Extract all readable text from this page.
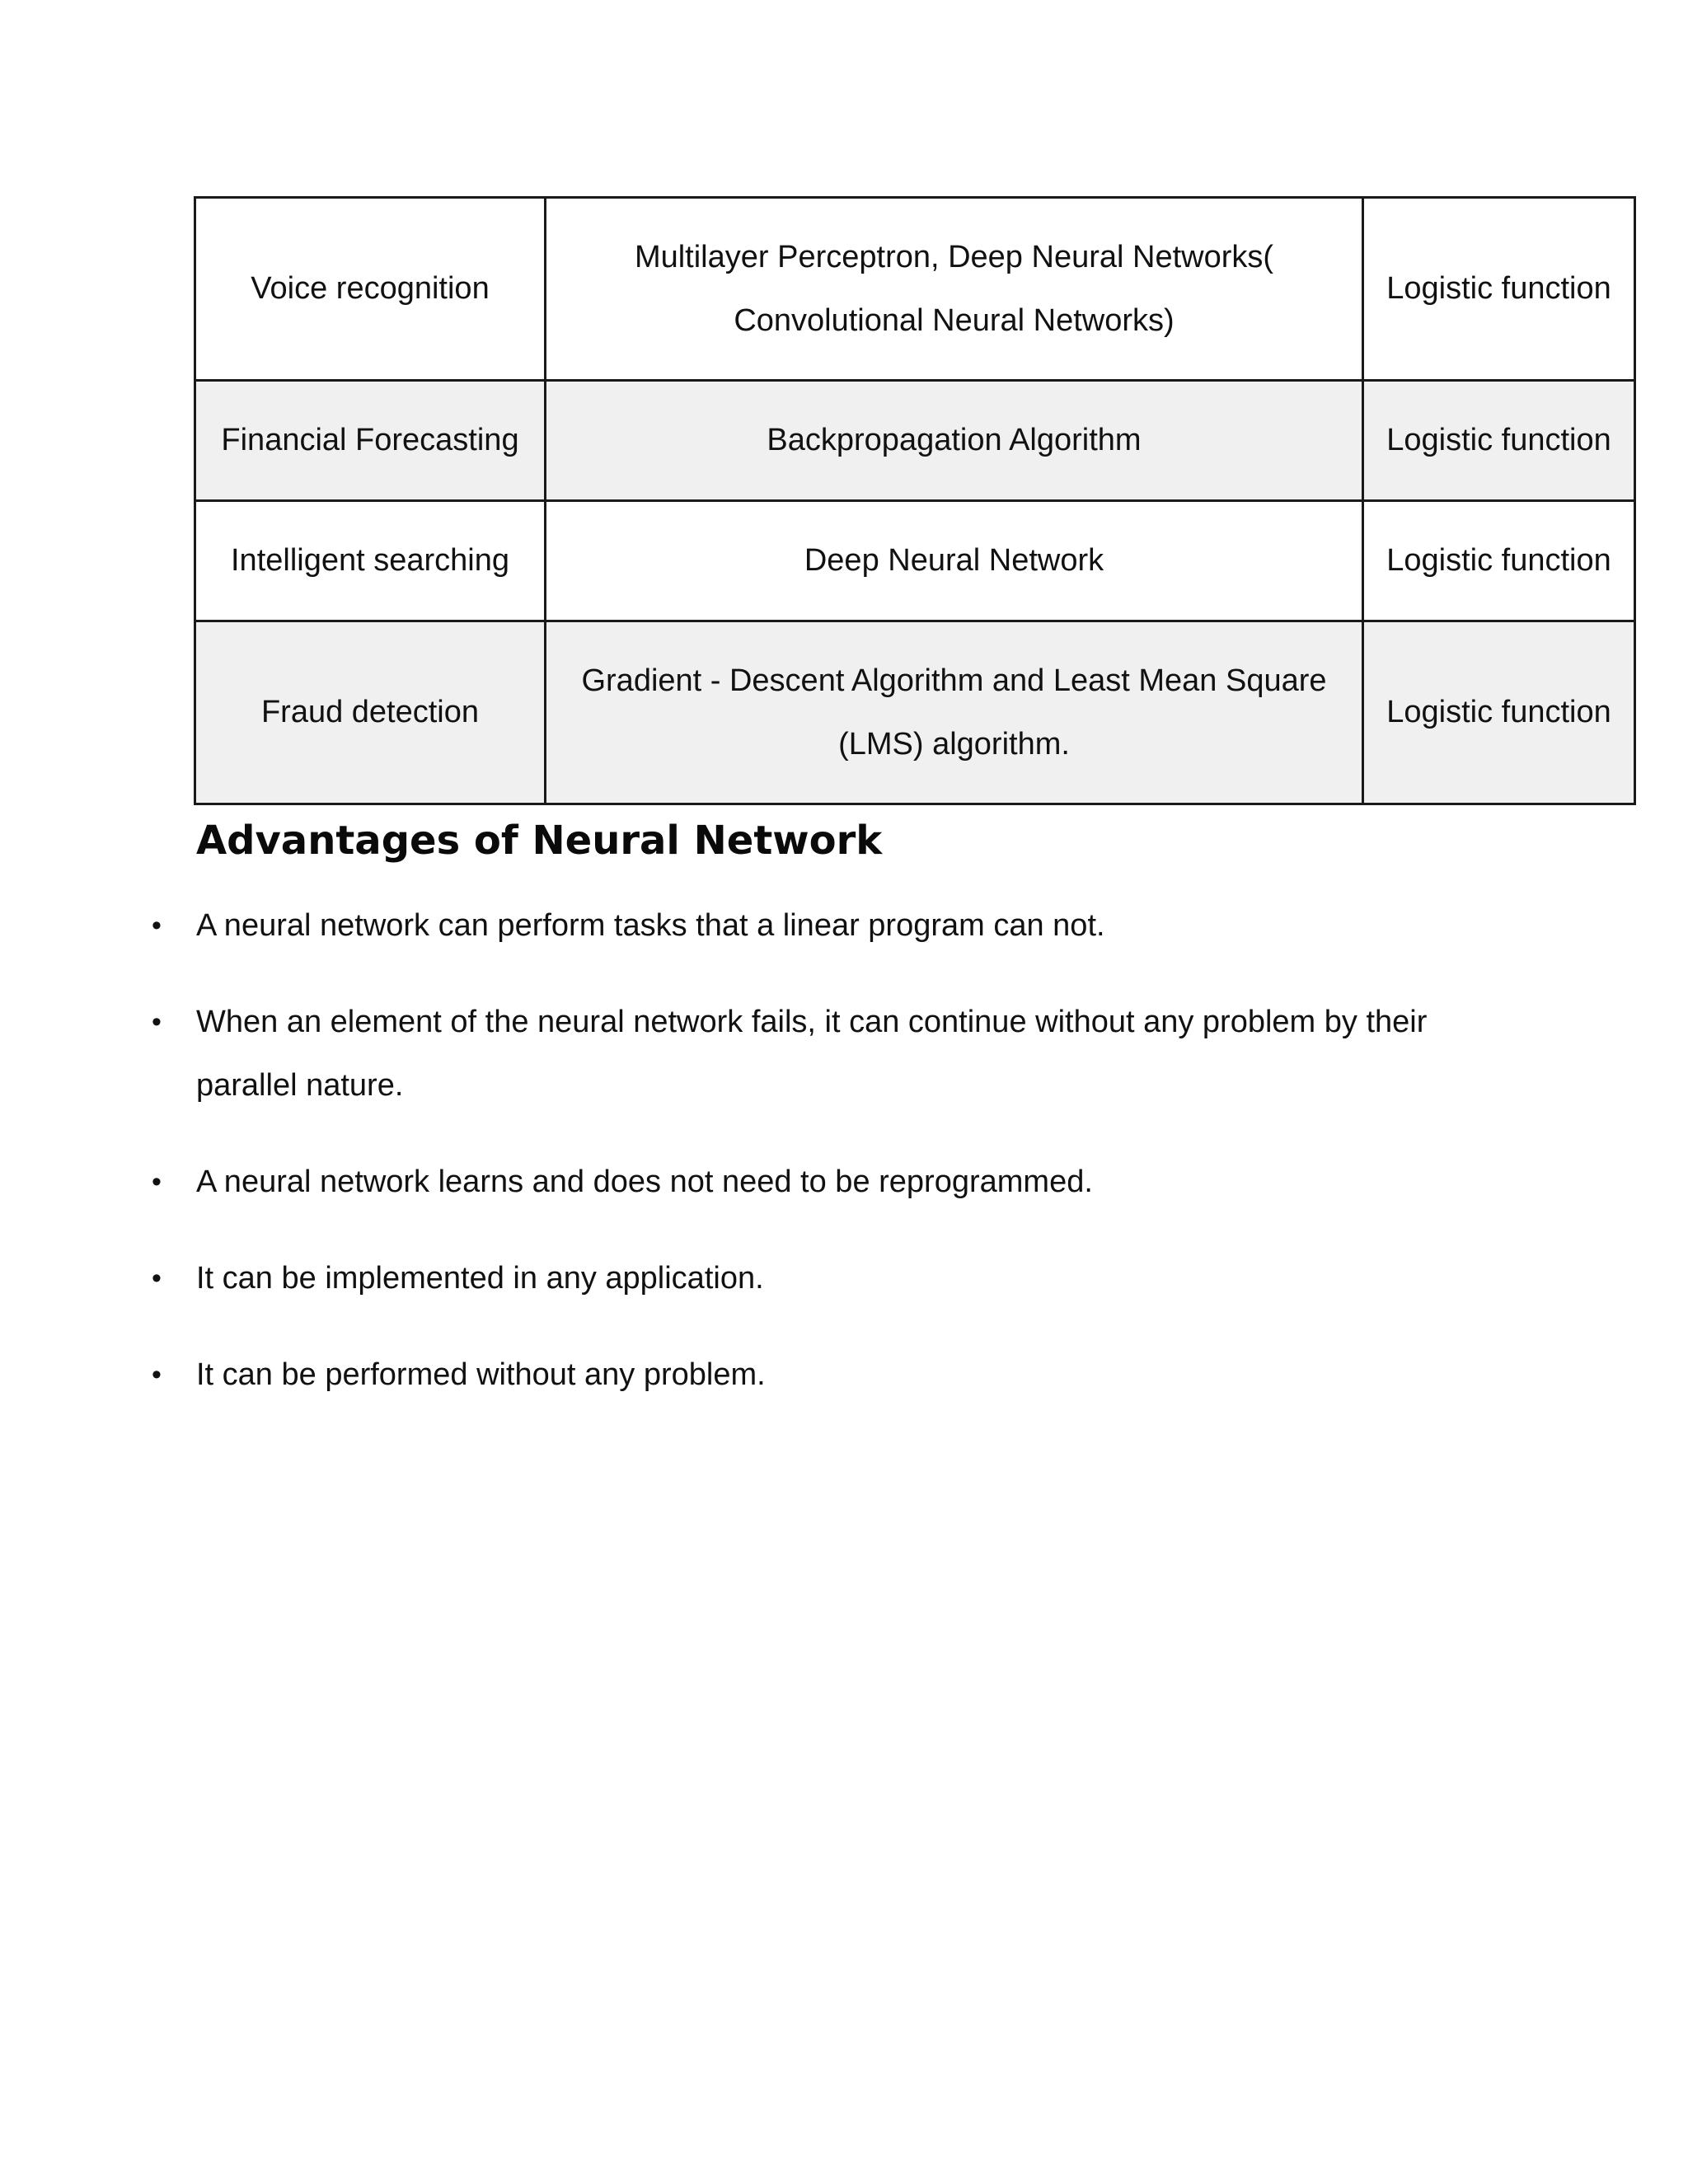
Voice recognition	Multilayer Perceptron, Deep Neural Networks( Convolutional Neural Networks)	Logistic function
Financial Forecasting	Backpropagation Algorithm	Logistic function
Intelligent searching	Deep Neural Network	Logistic function
Fraud detection	Gradient - Descent Algorithm and Least Mean Square (LMS) algorithm.	Logistic function
Advantages of Neural Network
• A neural network can perform tasks that a linear program can not.
• When an element of the neural network fails, it can continue without any problem by their parallel nature.
• A neural network learns and does not need to be reprogrammed.
• It can be implemented in any application.
• It can be performed without any problem.
